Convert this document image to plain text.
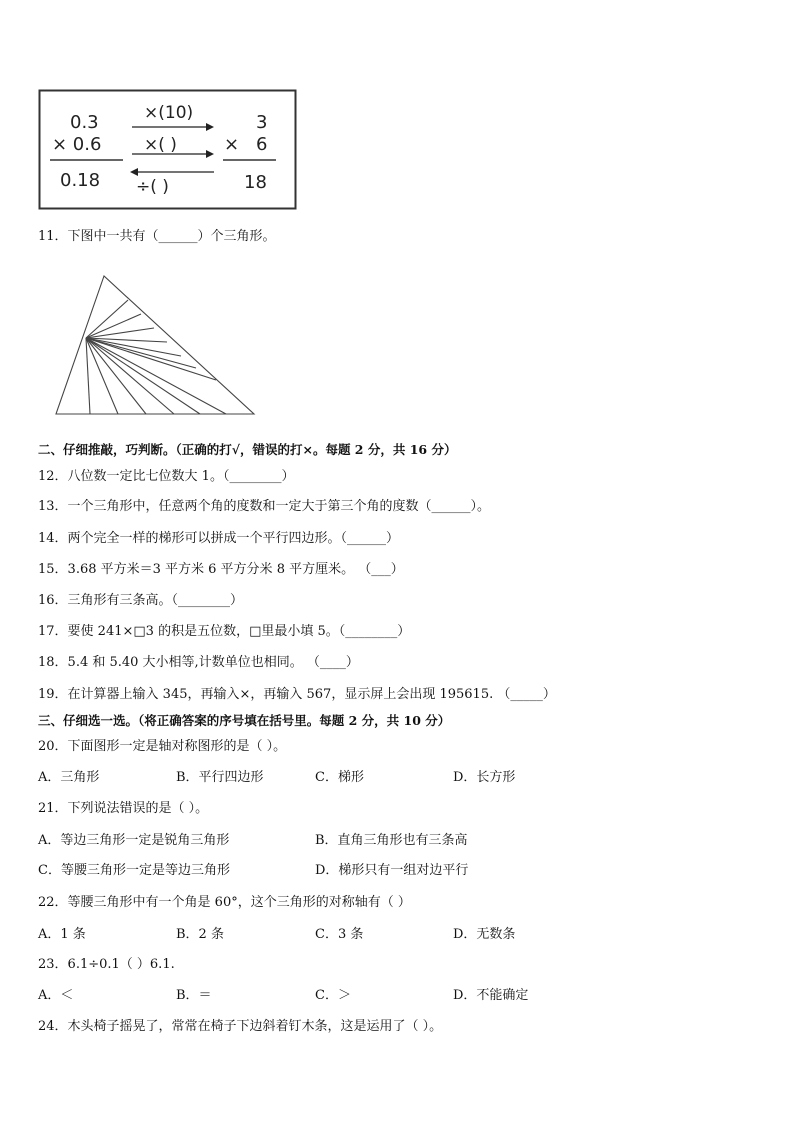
0.3
× 0.6
0.18
×(10)
×( )
÷( )
3
× 6
18
11．下图中一共有（______）个三角形。
二、仔细推敲，巧判断。（正确的打√，错误的打×。每题 2 分，共 16 分）
12．八位数一定比七位数大 1。（________）
13．一个三角形中，任意两个角的度数和一定大于第三个角的度数（______）。
14．两个完全一样的梯形可以拼成一个平行四边形。（______）
15．3.68 平方米＝3 平方米 6 平方分米 8 平方厘米。 （___）
16．三角形有三条高。（________）
17．要使 241×□3 的积是五位数，□里最小填 5。（________）
18．5.4 和 5.40 大小相等,计数单位也相同。 （____）
19．在计算器上输入 345，再输入×，再输入 567，显示屏上会出现 195615. （_____）
三、仔细选一选。（将正确答案的序号填在括号里。每题 2 分，共 10 分）
20．下面图形一定是轴对称图形的是（ ）。
A．三角形	B．平行四边形	C．梯形	D．长方形
21．下列说法错误的是（ ）。
A．等边三角形一定是锐角三角形	B．直角三角形也有三条高
C．等腰三角形一定是等边三角形	D．梯形只有一组对边平行
22．等腰三角形中有一个角是 60°，这个三角形的对称轴有（ ）
A．1 条	B．2 条	C．3 条	D．无数条
23．6.1÷0.1（ ）6.1.
A．＜	B．＝	C．＞	D．不能确定
24．木头椅子摇晃了，常常在椅子下边斜着钉木条，这是运用了（ ）。
